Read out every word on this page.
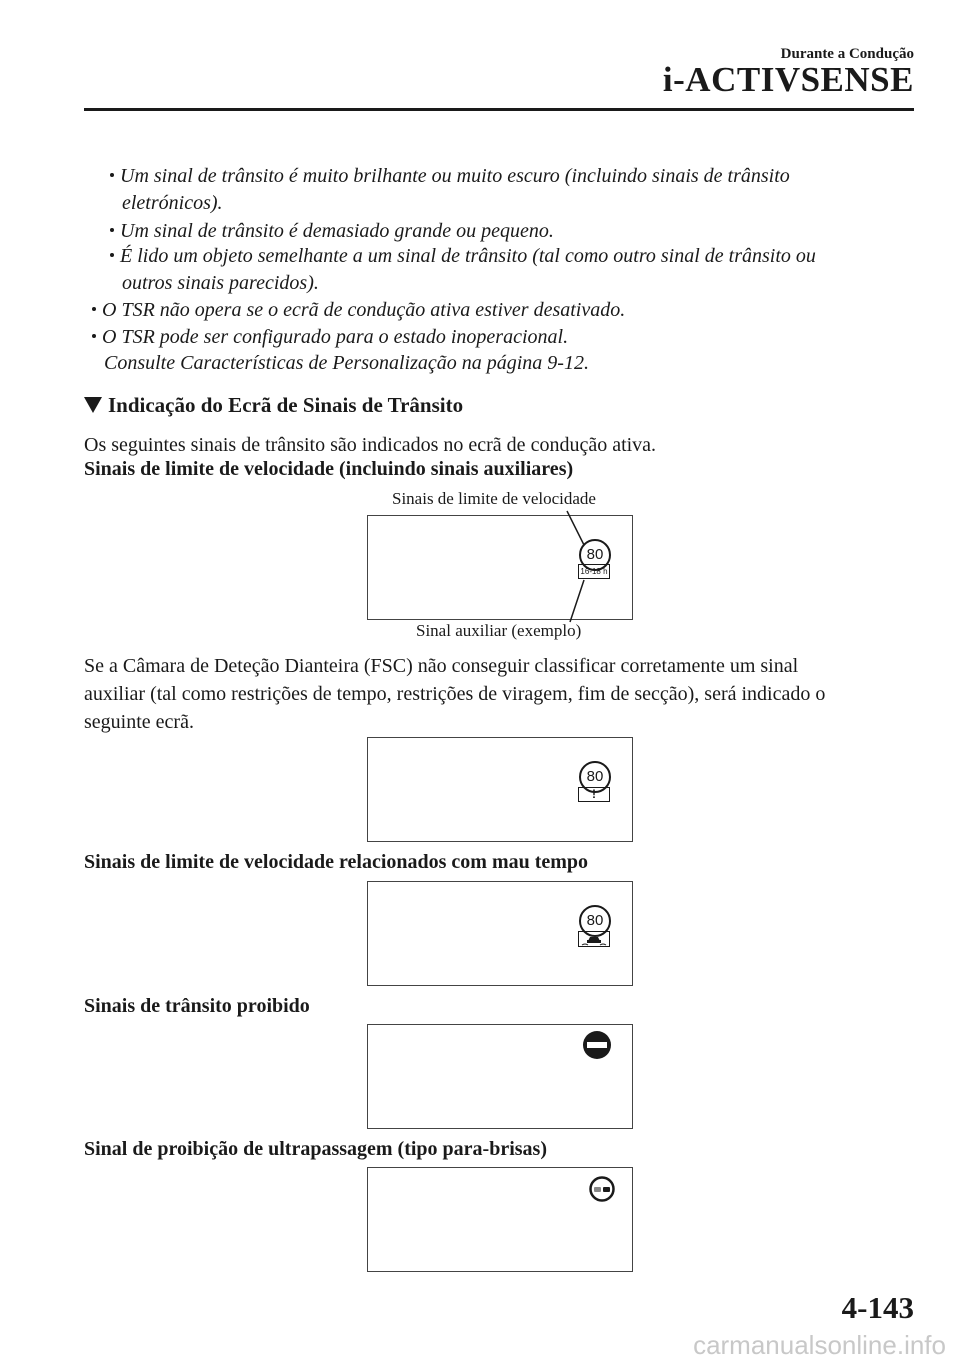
Durante a Condução
i-ACTIVSENSE
Um sinal de trânsito é muito brilhante ou muito escuro (incluindo sinais de trânsito
eletrónicos).
Um sinal de trânsito é demasiado grande ou pequeno.
É lido um objeto semelhante a um sinal de trânsito (tal como outro sinal de trânsito ou
outros sinais parecidos).
O TSR não opera se o ecrã de condução ativa estiver desativado.
O TSR pode ser configurado para o estado inoperacional.
Consulte Características de Personalização na página 9-12.
Indicação do Ecrã de Sinais de Trânsito
Os seguintes sinais de trânsito são indicados no ecrã de condução ativa.
Sinais de limite de velocidade (incluindo sinais auxiliares)
Sinais de limite de velocidade
80
16-18 h
Sinal auxiliar (exemplo)
Se a Câmara de Deteção Dianteira (FSC) não conseguir classificar corretamente um sinal
auxiliar (tal como restrições de tempo, restrições de viragem, fim de secção), será indicado o
seguinte ecrã.
80
!
Sinais de limite de velocidade relacionados com mau tempo
80
Sinais de trânsito proibido
Sinal de proibição de ultrapassagem (tipo para-brisas)
4-143
carmanualsonline.info
